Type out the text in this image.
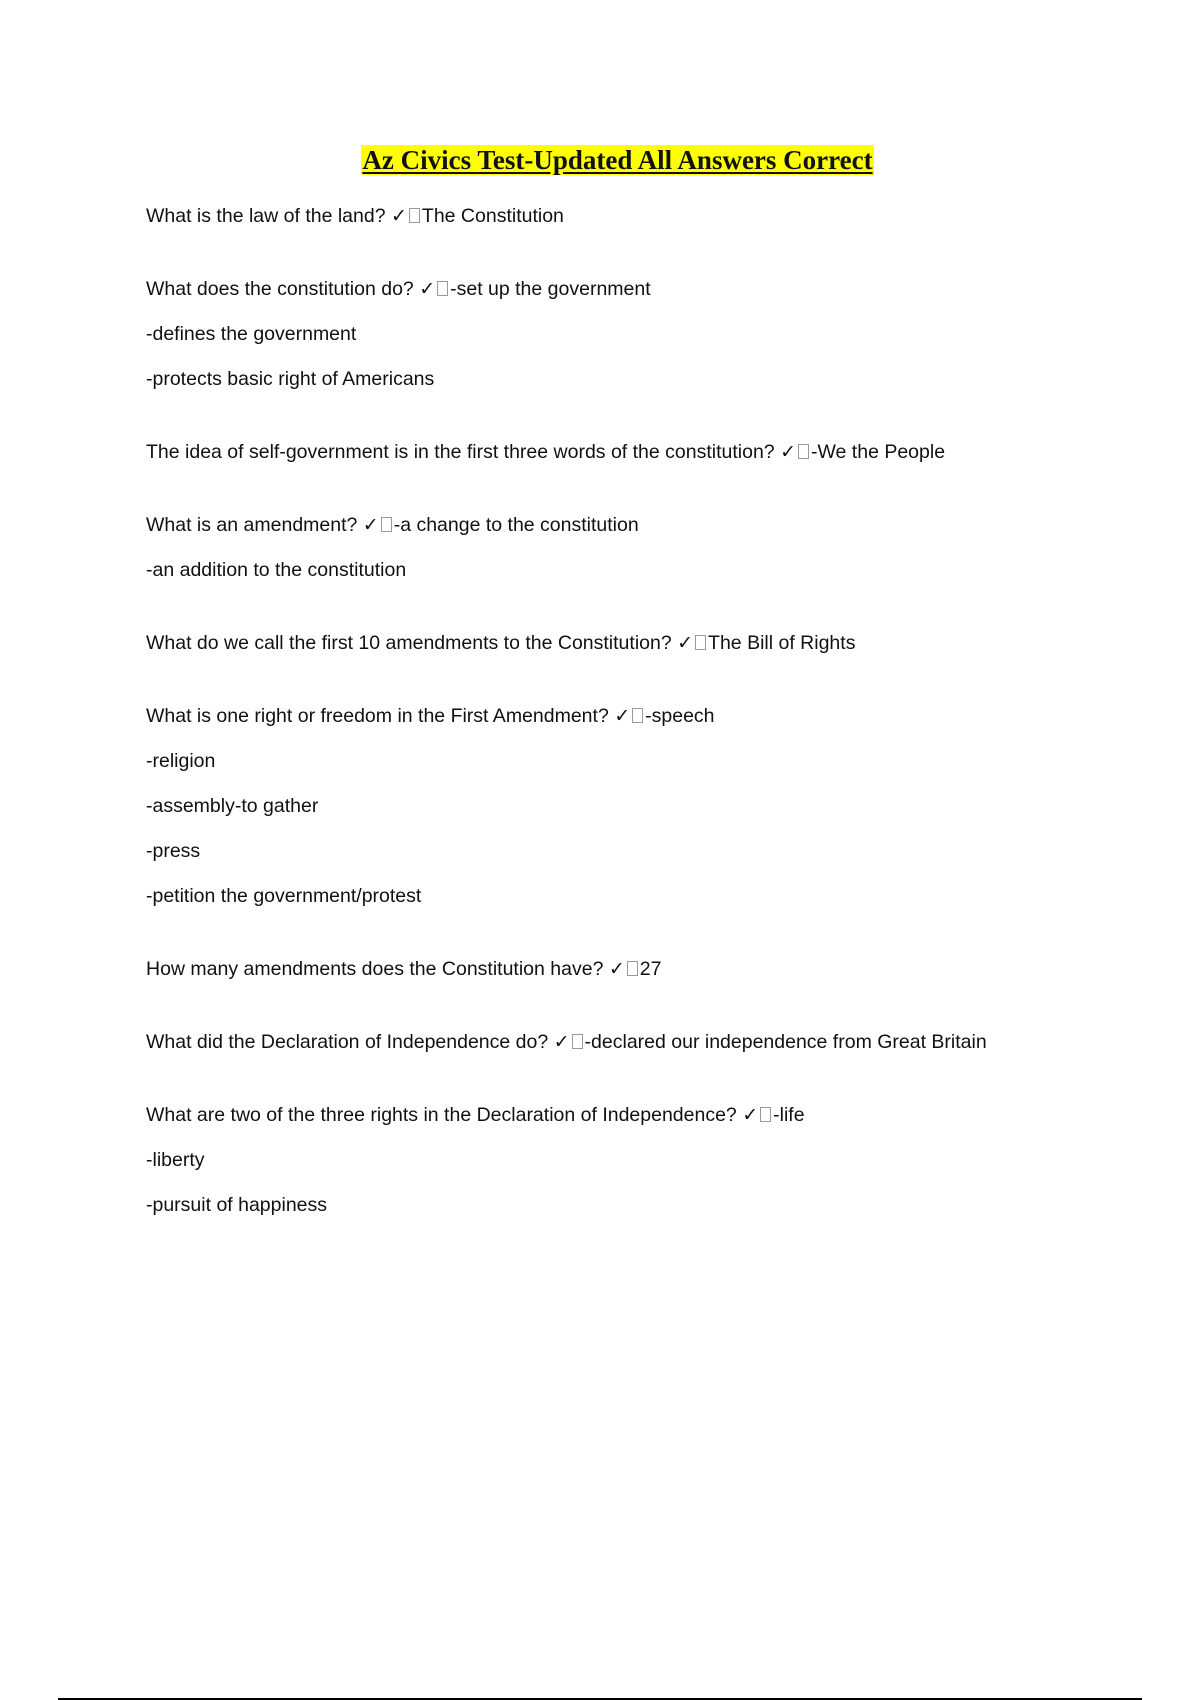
Az Civics Test-Updated All Answers Correct

What is the law of the land? ✓ The Constitution

What does the constitution do? ✓ -set up the government

-defines the government

-protects basic right of Americans

The idea of self-government is in the first three words of the constitution? ✓ -We the People

What is an amendment? ✓ -a change to the constitution

-an addition to the constitution

What do we call the first 10 amendments to the Constitution? ✓ The Bill of Rights

What is one right or freedom in the First Amendment? ✓ -speech

-religion

-assembly-to gather

-press

-petition the government/protest

How many amendments does the Constitution have? ✓ 27

What did the Declaration of Independence do? ✓ -declared our independence from Great Britain

What are two of the three rights in the Declaration of Independence? ✓ -life

-liberty

-pursuit of happiness
